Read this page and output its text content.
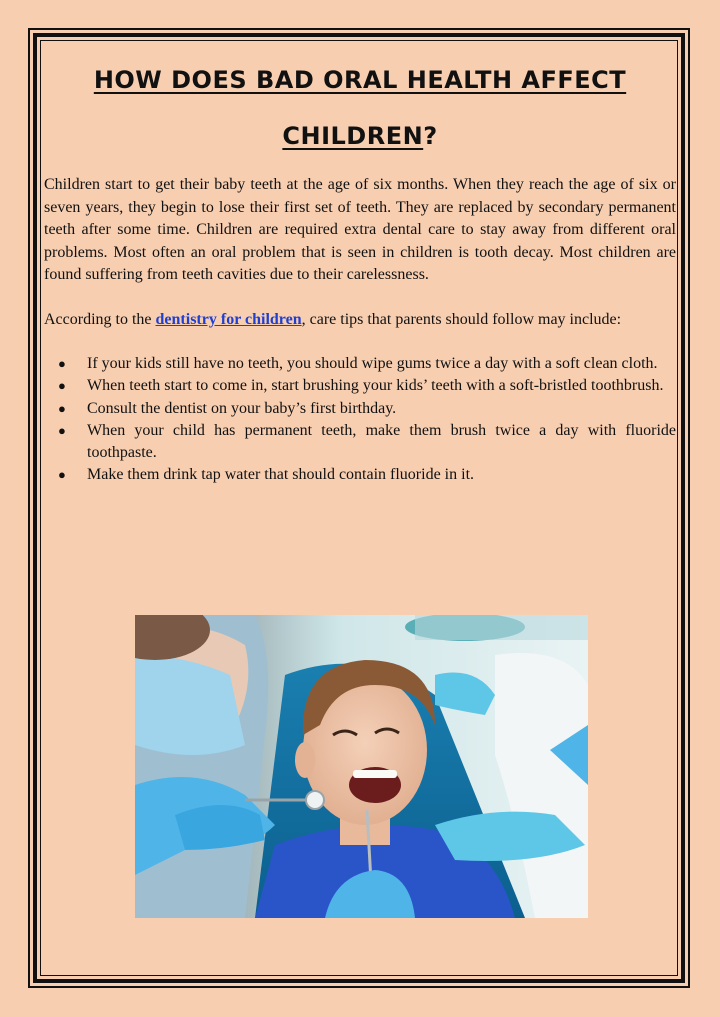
HOW DOES BAD ORAL HEALTH AFFECT
CHILDREN?

Children start to get their baby teeth at the age of six months. When they reach the age of six or seven years, they begin to lose their first set of teeth. They are replaced by secondary permanent teeth after some time. Children are required extra dental care to stay away from different oral problems. Most often an oral problem that is seen in children is tooth decay. Most children are found suffering from teeth cavities due to their carelessness.

According to the dentistry for children, care tips that parents should follow may include:

● If your kids still have no teeth, you should wipe gums twice a day with a soft clean cloth.
● When teeth start to come in, start brushing your kids’ teeth with a soft-bristled toothbrush.
● Consult the dentist on your baby’s first birthday.
● When your child has permanent teeth, make them brush twice a day with fluoride toothpaste.
● Make them drink tap water that should contain fluoride in it.
